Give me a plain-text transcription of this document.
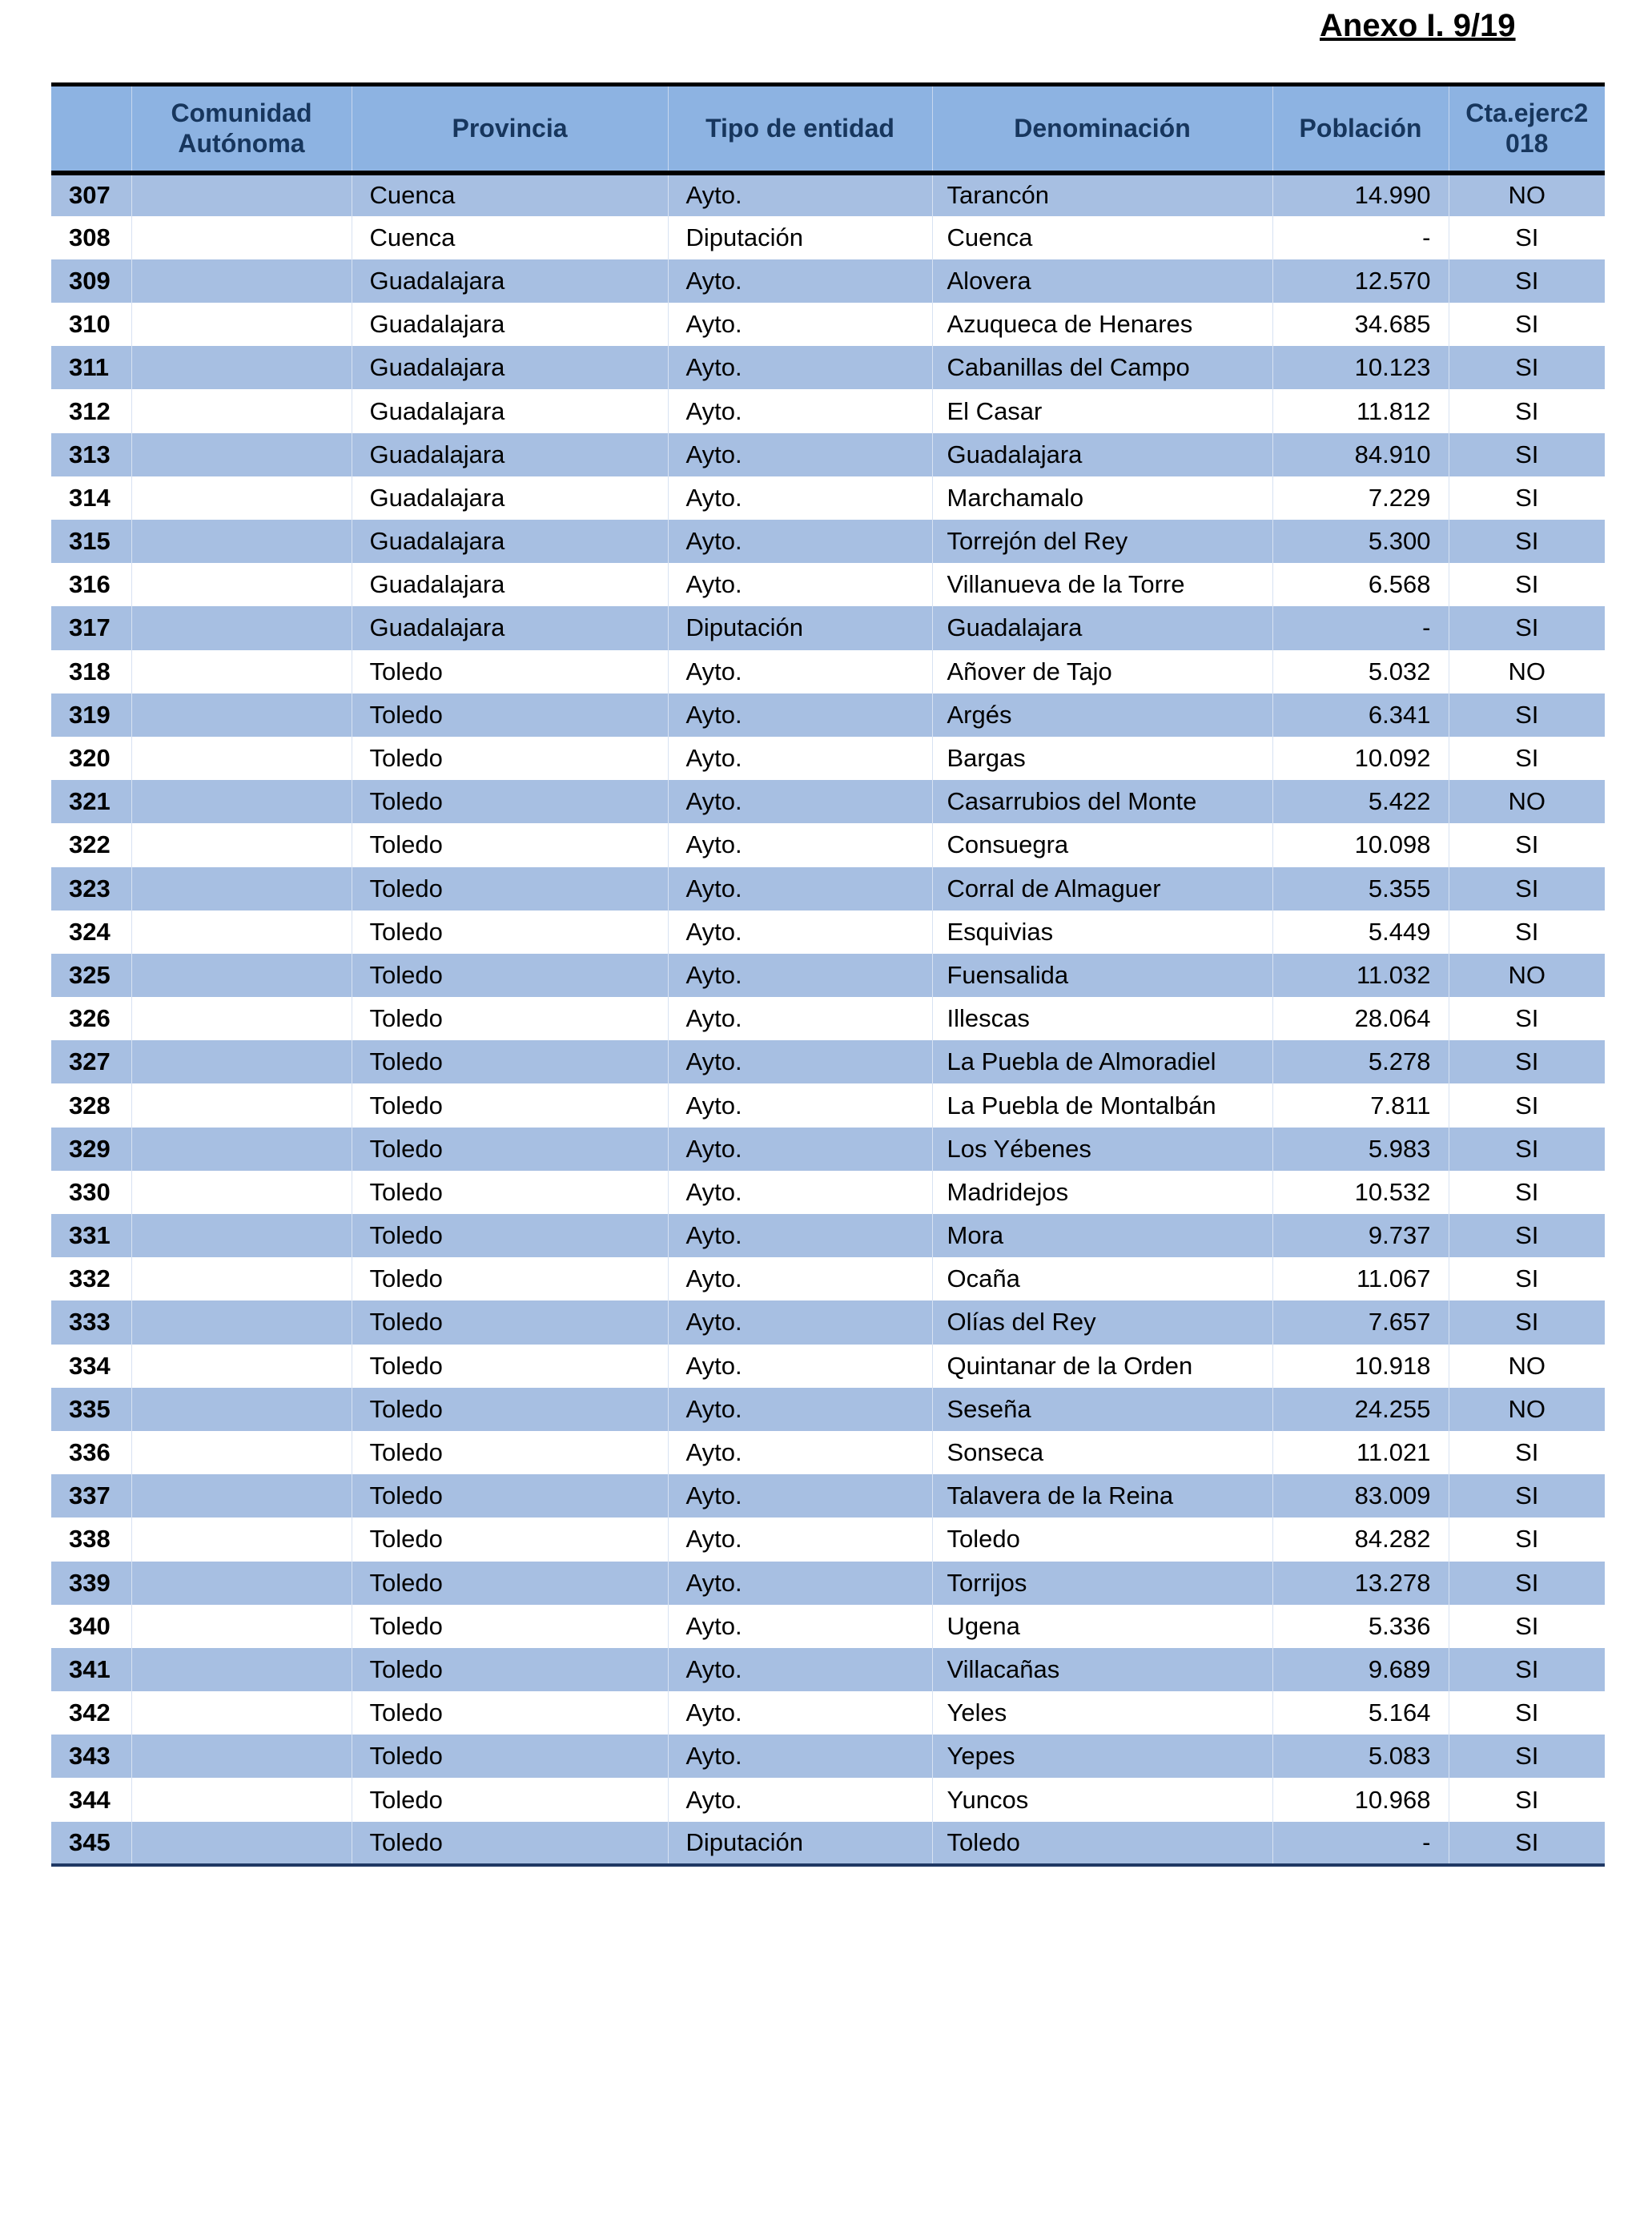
Anexo I. 9/19
	Comunidad Autónoma	Provincia	Tipo de entidad	Denominación	Población	Cta.ejerc2 018
307		Cuenca	Ayto.	Tarancón	14.990	NO
308		Cuenca	Diputación	Cuenca	-	SI
309		Guadalajara	Ayto.	Alovera	12.570	SI
310		Guadalajara	Ayto.	Azuqueca de Henares	34.685	SI
311		Guadalajara	Ayto.	Cabanillas del Campo	10.123	SI
312		Guadalajara	Ayto.	El Casar	11.812	SI
313		Guadalajara	Ayto.	Guadalajara	84.910	SI
314		Guadalajara	Ayto.	Marchamalo	7.229	SI
315		Guadalajara	Ayto.	Torrejón del Rey	5.300	SI
316		Guadalajara	Ayto.	Villanueva de la Torre	6.568	SI
317		Guadalajara	Diputación	Guadalajara	-	SI
318		Toledo	Ayto.	Añover de Tajo	5.032	NO
319		Toledo	Ayto.	Argés	6.341	SI
320		Toledo	Ayto.	Bargas	10.092	SI
321		Toledo	Ayto.	Casarrubios del Monte	5.422	NO
322		Toledo	Ayto.	Consuegra	10.098	SI
323		Toledo	Ayto.	Corral de Almaguer	5.355	SI
324		Toledo	Ayto.	Esquivias	5.449	SI
325		Toledo	Ayto.	Fuensalida	11.032	NO
326		Toledo	Ayto.	Illescas	28.064	SI
327		Toledo	Ayto.	La Puebla de Almoradiel	5.278	SI
328		Toledo	Ayto.	La Puebla de Montalbán	7.811	SI
329		Toledo	Ayto.	Los Yébenes	5.983	SI
330		Toledo	Ayto.	Madridejos	10.532	SI
331		Toledo	Ayto.	Mora	9.737	SI
332		Toledo	Ayto.	Ocaña	11.067	SI
333		Toledo	Ayto.	Olías del Rey	7.657	SI
334		Toledo	Ayto.	Quintanar de la Orden	10.918	NO
335		Toledo	Ayto.	Seseña	24.255	NO
336		Toledo	Ayto.	Sonseca	11.021	SI
337		Toledo	Ayto.	Talavera de la Reina	83.009	SI
338		Toledo	Ayto.	Toledo	84.282	SI
339		Toledo	Ayto.	Torrijos	13.278	SI
340		Toledo	Ayto.	Ugena	5.336	SI
341		Toledo	Ayto.	Villacañas	9.689	SI
342		Toledo	Ayto.	Yeles	5.164	SI
343		Toledo	Ayto.	Yepes	5.083	SI
344		Toledo	Ayto.	Yuncos	10.968	SI
345		Toledo	Diputación	Toledo	-	SI
